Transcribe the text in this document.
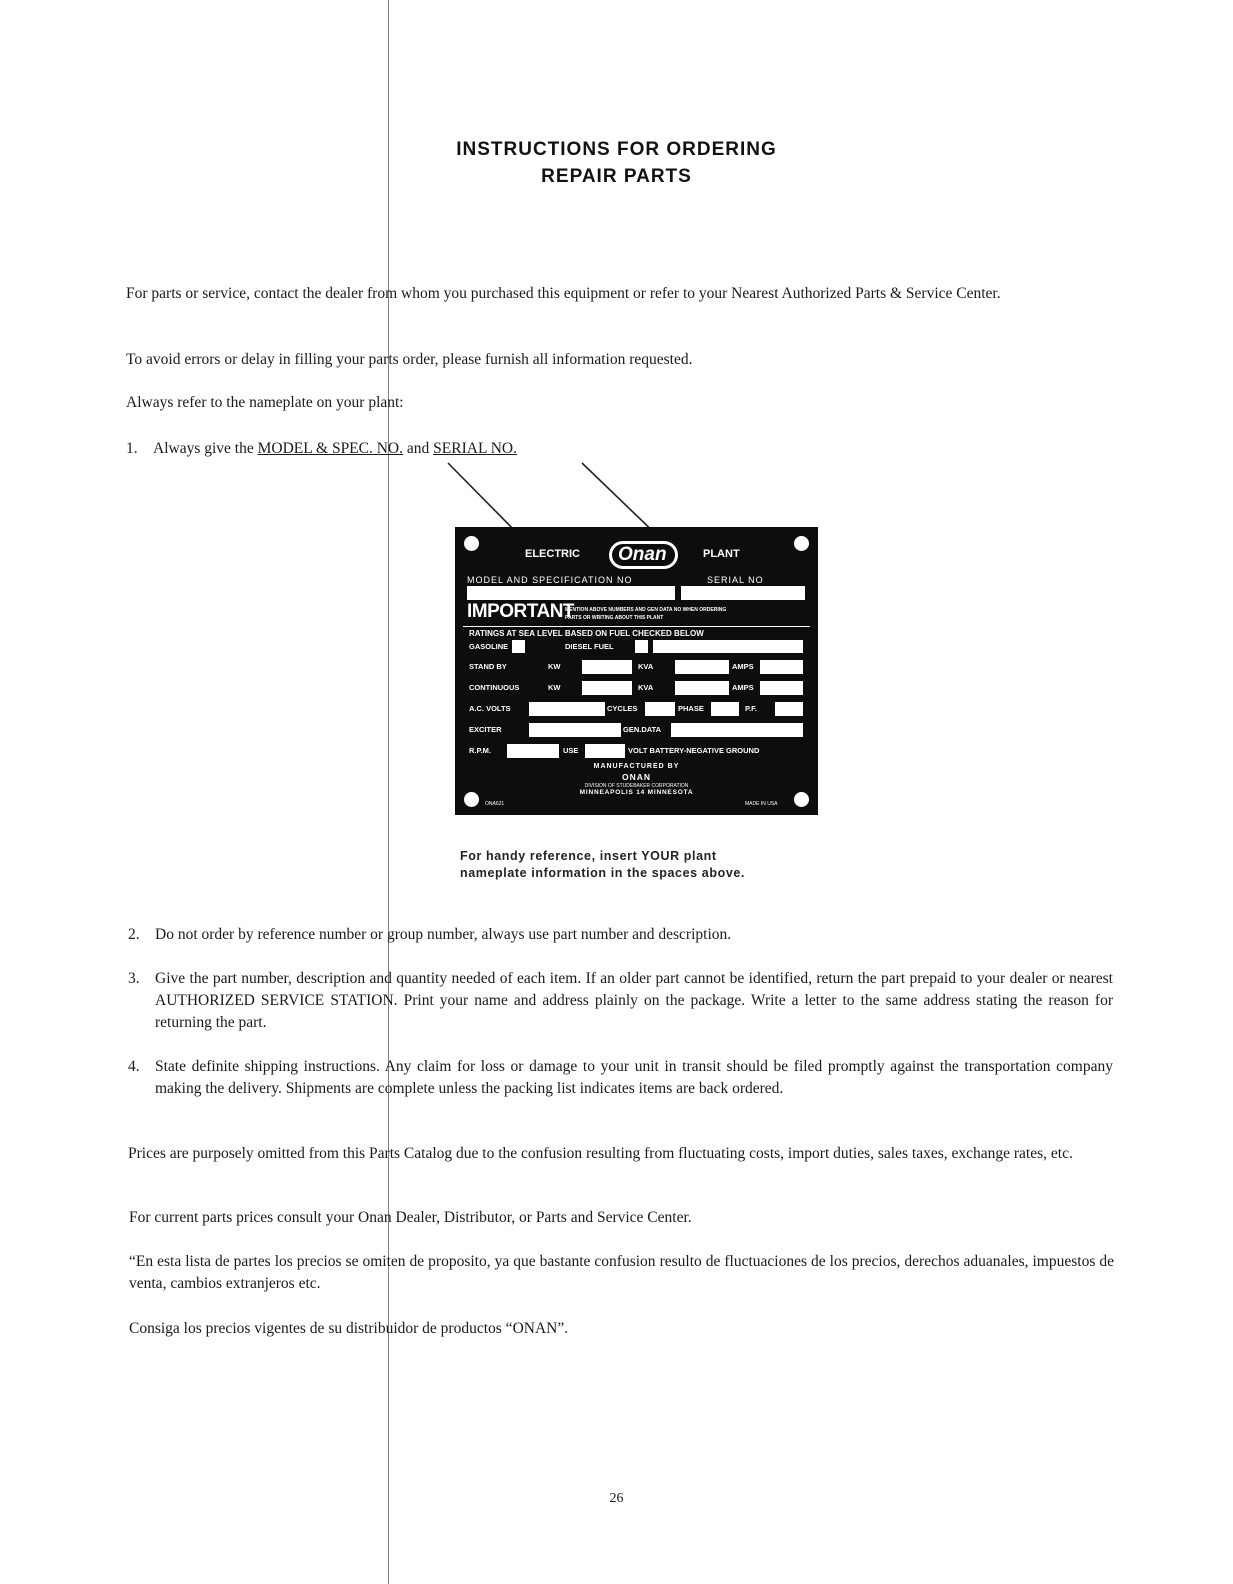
INSTRUCTIONS FOR ORDERING
REPAIR PARTS
For parts or service, contact the dealer from whom you purchased this equipment or refer to your Nearest Authorized Parts & Service Center.
To avoid errors or delay in filling your parts order, please furnish all information requested.
Always refer to the nameplate on your plant:
1. Always give the MODEL & SPEC. NO. and SERIAL NO.
ELECTRIC	Onan	PLANT
MODEL AND SPECIFICATION NO	SERIAL NO
IMPORTANT
MENTION ABOVE NUMBERS AND GEN DATA NO WHEN ORDERING
PARTS OR WRITING ABOUT THIS PLANT
RATINGS AT SEA LEVEL BASED ON FUEL CHECKED BELOW
GASOLINE	DIESEL FUEL
STAND BY	KW	KVA	AMPS
CONTINUOUS	KW	KVA	AMPS
A.C. VOLTS	CYCLES	PHASE	P.F.
EXCITER	GEN.DATA
R.P.M.	USE	VOLT BATTERY-NEGATIVE GROUND
MANUFACTURED BY
ONAN
DIVISION OF STUDEBAKER CORPORATION
MINNEAPOLIS 14 MINNESOTA
ONA621	MADE IN USA
For handy reference, insert YOUR plant
nameplate information in the spaces above.
2. Do not order by reference number or group number, always use part number and description.
3. Give the part number, description and quantity needed of each item. If an older part cannot be identified, return the part prepaid to your dealer or nearest AUTHORIZED SERVICE STATION. Print your name and address plainly on the package. Write a letter to the same address stating the reason for returning the part.
4. State definite shipping instructions. Any claim for loss or damage to your unit in transit should be filed promptly against the transportation company making the delivery. Shipments are complete unless the packing list indicates items are back ordered.
Prices are purposely omitted from this Parts Catalog due to the confusion resulting from fluctuating costs, import duties, sales taxes, exchange rates, etc.
For current parts prices consult your Onan Dealer, Distributor, or Parts and Service Center.
“En esta lista de partes los precios se omiten de proposito, ya que bastante confusion resulto de fluctuaciones de los precios, derechos aduanales, impuestos de venta, cambios extranjeros etc.
Consiga los precios vigentes de su distribuidor de productos “ONAN”.
26
